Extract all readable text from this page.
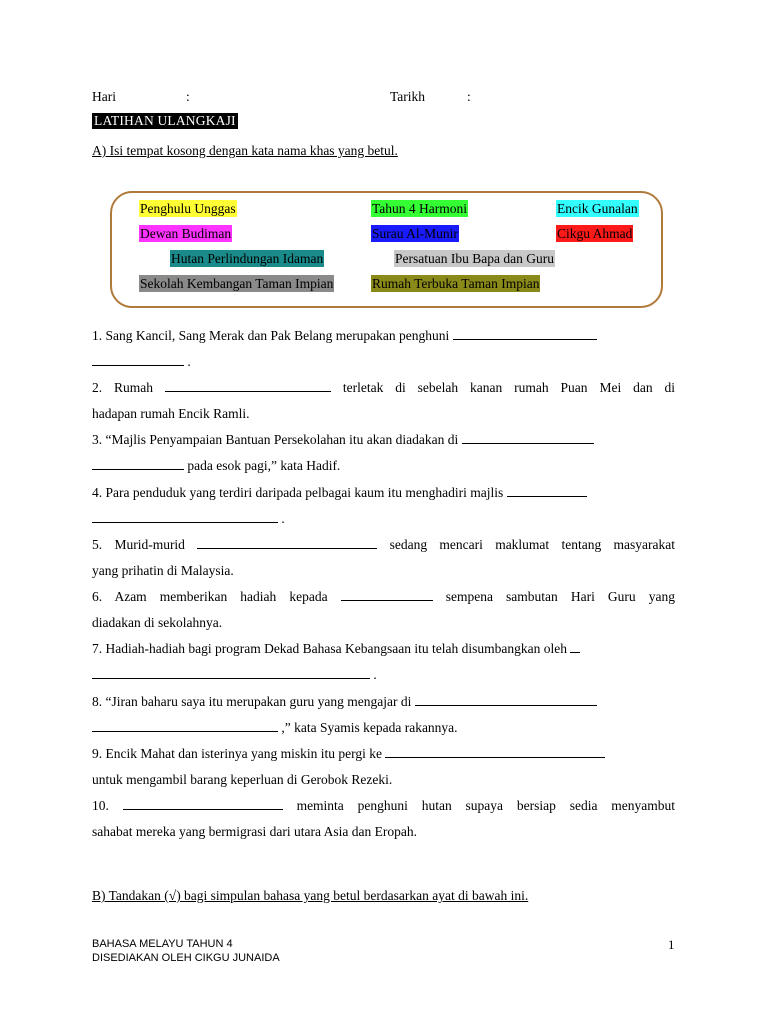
Hari	:	Tarikh	:
LATIHAN ULANGKAJI
A) Isi tempat kosong dengan kata nama khas yang betul.
Penghulu Unggas	Tahun 4 Harmoni	Encik Gunalan
Dewan Budiman	Surau Al-Munir	Cikgu Ahmad
Hutan Perlindungan Idaman	Persatuan Ibu Bapa dan Guru
Sekolah Kembangan Taman Impian	Rumah Terbuka Taman Impian
1. Sang Kancil, Sang Merak dan Pak Belang merupakan penghuni
.
2. Rumah	terletak di sebelah kanan rumah Puan Mei dan di
hadapan rumah Encik Ramli.
3. “Majlis Penyampaian Bantuan Persekolahan itu akan diadakan di
pada esok pagi,” kata Hadif.
4. Para penduduk yang terdiri daripada pelbagai kaum itu menghadiri majlis
.
5. Murid-murid	sedang mencari maklumat tentang masyarakat
yang prihatin di Malaysia.
6. Azam memberikan hadiah kepada	sempena sambutan Hari Guru yang
diadakan di sekolahnya.
7. Hadiah-hadiah bagi program Dekad Bahasa Kebangsaan itu telah disumbangkan oleh
.
8. “Jiran baharu saya itu merupakan guru yang mengajar di
,” kata Syamis kepada rakannya.
9. Encik Mahat dan isterinya yang miskin itu pergi ke
untuk mengambil barang keperluan di Gerobok Rezeki.
10.	meminta penghuni hutan supaya bersiap sedia menyambut
sahabat mereka yang bermigrasi dari utara Asia dan Eropah.
B) Tandakan (√) bagi simpulan bahasa yang betul berdasarkan ayat di bawah ini.
BAHASA MELAYU TAHUN 4
DISEDIAKAN OLEH CIKGU JUNAIDA
1
